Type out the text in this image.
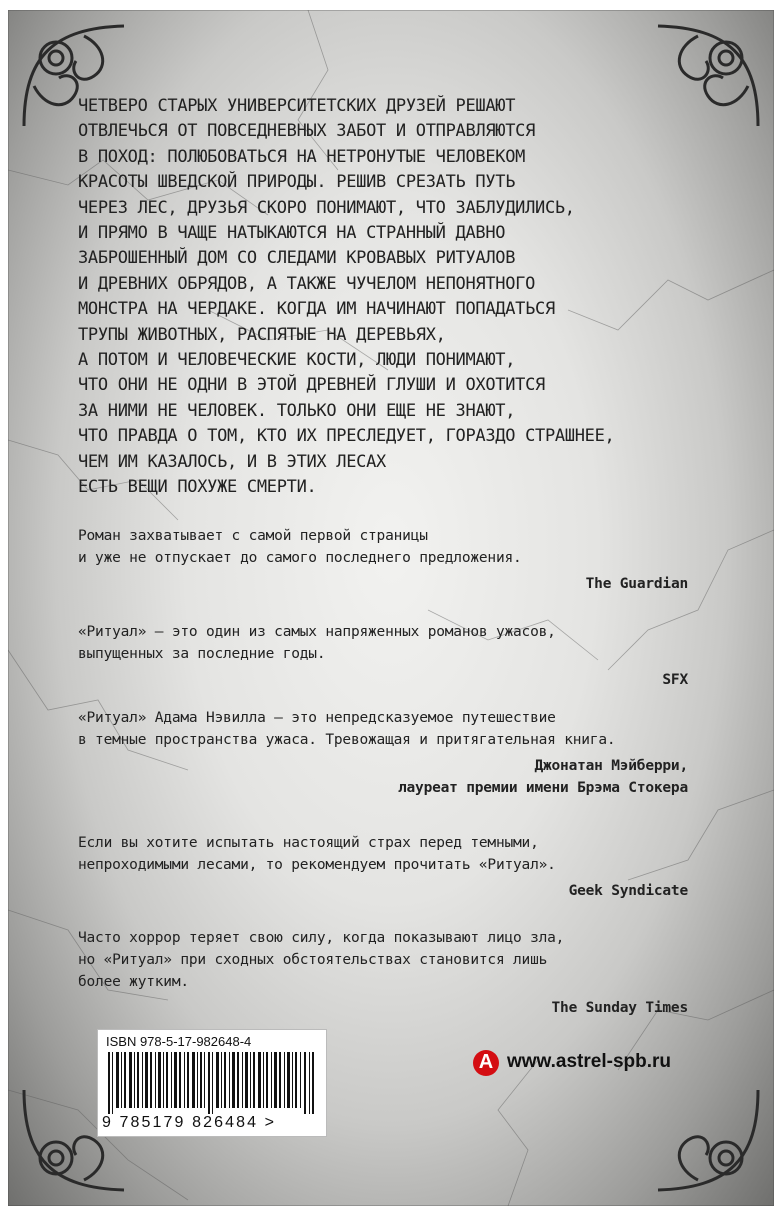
ЧЕТВЕРО СТАРЫХ УНИВЕРСИТЕТСКИХ ДРУЗЕЙ РЕШАЮТ
ОТВЛЕЧЬСЯ ОТ ПОВСЕДНЕВНЫХ ЗАБОТ И ОТПРАВЛЯЮТСЯ
В ПОХОД: ПОЛЮБОВАТЬСЯ НА НЕТРОНУТЫЕ ЧЕЛОВЕКОМ
КРАСОТЫ ШВЕДСКОЙ ПРИРОДЫ. РЕШИВ СРЕЗАТЬ ПУТЬ
ЧЕРЕЗ ЛЕС, ДРУЗЬЯ СКОРО ПОНИМАЮТ, ЧТО ЗАБЛУДИЛИСЬ,
И ПРЯМО В ЧАЩЕ НАТЫКАЮТСЯ НА СТРАННЫЙ ДАВНО
ЗАБРОШЕННЫЙ ДОМ СО СЛЕДАМИ КРОВАВЫХ РИТУАЛОВ
И ДРЕВНИХ ОБРЯДОВ, А ТАКЖЕ ЧУЧЕЛОМ НЕПОНЯТНОГО
МОНСТРА НА ЧЕРДАКЕ. КОГДА ИМ НАЧИНАЮТ ПОПАДАТЬСЯ
ТРУПЫ ЖИВОТНЫХ, РАСПЯТЫЕ НА ДЕРЕВЬЯХ,
А ПОТОМ И ЧЕЛОВЕЧЕСКИЕ КОСТИ, ЛЮДИ ПОНИМАЮТ,
ЧТО ОНИ НЕ ОДНИ В ЭТОЙ ДРЕВНЕЙ ГЛУШИ И ОХОТИТСЯ
ЗА НИМИ НЕ ЧЕЛОВЕК. ТОЛЬКО ОНИ ЕЩЕ НЕ ЗНАЮТ,
ЧТО ПРАВДА О ТОМ, КТО ИХ ПРЕСЛЕДУЕТ, ГОРАЗДО СТРАШНЕЕ,
ЧЕМ ИМ КАЗАЛОСЬ, И В ЭТИХ ЛЕСАХ
ЕСТЬ ВЕЩИ ПОХУЖЕ СМЕРТИ.
Роман захватывает с самой первой страницы
и уже не отпускает до самого последнего предложения.
The Guardian
«Ритуал» — это один из самых напряженных романов ужасов,
выпущенных за последние годы.
SFX
«Ритуал» Адама Нэвилла — это непредсказуемое путешествие
в темные пространства ужаса. Тревожащая и притягательная книга.
Джонатан Мэйберри,
лауреат премии имени Брэма Стокера
Если вы хотите испытать настоящий страх перед темными,
непроходимыми лесами, то рекомендуем прочитать «Ритуал».
Geek Syndicate
Часто хоррор теряет свою силу, когда показывают лицо зла,
но «Ритуал» при сходных обстоятельствах становится лишь
более жутким.
The Sunday Times
ISBN 978-5-17-982648-4
9 785179 826484 >
А www.astrel-spb.ru
